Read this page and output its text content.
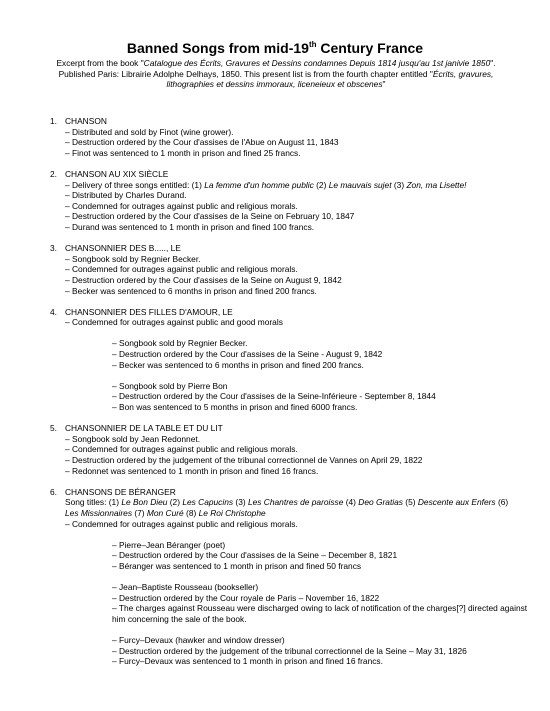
Banned Songs from mid-19th Century France
Excerpt from the book "Catalogue des Écrits, Gravures et Dessins condamnes Depuis 1814 jusqu'au 1st janivie 1850". Published Paris: Librairie Adolphe Delhays, 1850. This present list is from the fourth chapter entitled "Écrits, gravures, lithographies et dessins immoraux, liceneieux et obscenes"
1. CHANSON
– Distributed and sold by Finot (wine grower).
– Destruction ordered by the Cour d'assises de l'Abue on August 11, 1843
– Finot was sentenced to 1 month in prison and fined 25 francs.
2. CHANSON AU XIX SIÈCLE
– Delivery of three songs entitled: (1) La femme d'un homme public (2) Le mauvais sujet (3) Zon, ma Lisette!
– Distributed by Charles Durand.
– Condemned for outrages against public and religious morals.
– Destruction ordered by the Cour d'assises de la Seine on February 10, 1847
– Durand was sentenced to 1 month in prison and fined 100 francs.
3. CHANSONNIER DES B....., LE
– Songbook sold by Regnier Becker.
– Condemned for outrages against public and religious morals.
– Destruction ordered by the Cour d'assises de la Seine on August 9, 1842
– Becker was sentenced to 6 months in prison and fined 200 francs.
4. CHANSONNIER DES FILLES D'AMOUR, LE
– Condemned for outrages against public and good morals
– Songbook sold by Regnier Becker.
– Destruction ordered by the Cour d'assises de la Seine - August 9, 1842
– Becker was sentenced to 6 months in prison and fined 200 francs.
– Songbook sold by Pierre Bon
– Destruction ordered by the Cour d'assises de la Seine-Inférieure - September 8, 1844
– Bon was sentenced to 5 months in prison and fined 6000 francs.
5. CHANSONNIER DE LA TABLE ET DU LIT
– Songbook sold by Jean Redonnet.
– Condemned for outrages against public and religious morals.
– Destruction ordered by the judgement of the tribunal correctionnel de Vannes on April 29, 1822
– Redonnet was sentenced to 1 month in prison and fined 16 francs.
6. CHANSONS DE BÉRANGER
Song titles: (1) Le Bon Dieu (2) Les Capucins (3) Les Chantres de paroisse (4) Deo Gratias (5) Descente aux Enfers (6) Les Missionnaires (7) Mon Curé (8) Le Roi Christophe
– Condemned for outrages against public and religious morals.
– Pierre–Jean Béranger (poet)
– Destruction ordered by the Cour d'assises de la Seine – December 8, 1821
– Béranger was sentenced to 1 month in prison and fined 50 francs
– Jean–Baptiste Rousseau (bookseller)
– Destruction ordered by the Cour royale de Paris – November 16, 1822
– The charges against Rousseau were discharged owing to lack of notification of the charges[?] directed against him concerning the sale of the book.
– Furcy–Devaux (hawker and window dresser)
– Destruction ordered by the judgement of the tribunal correctionnel de la Seine – May 31, 1826
– Furcy–Devaux was sentenced to 1 month in prison and fined 16 francs.
